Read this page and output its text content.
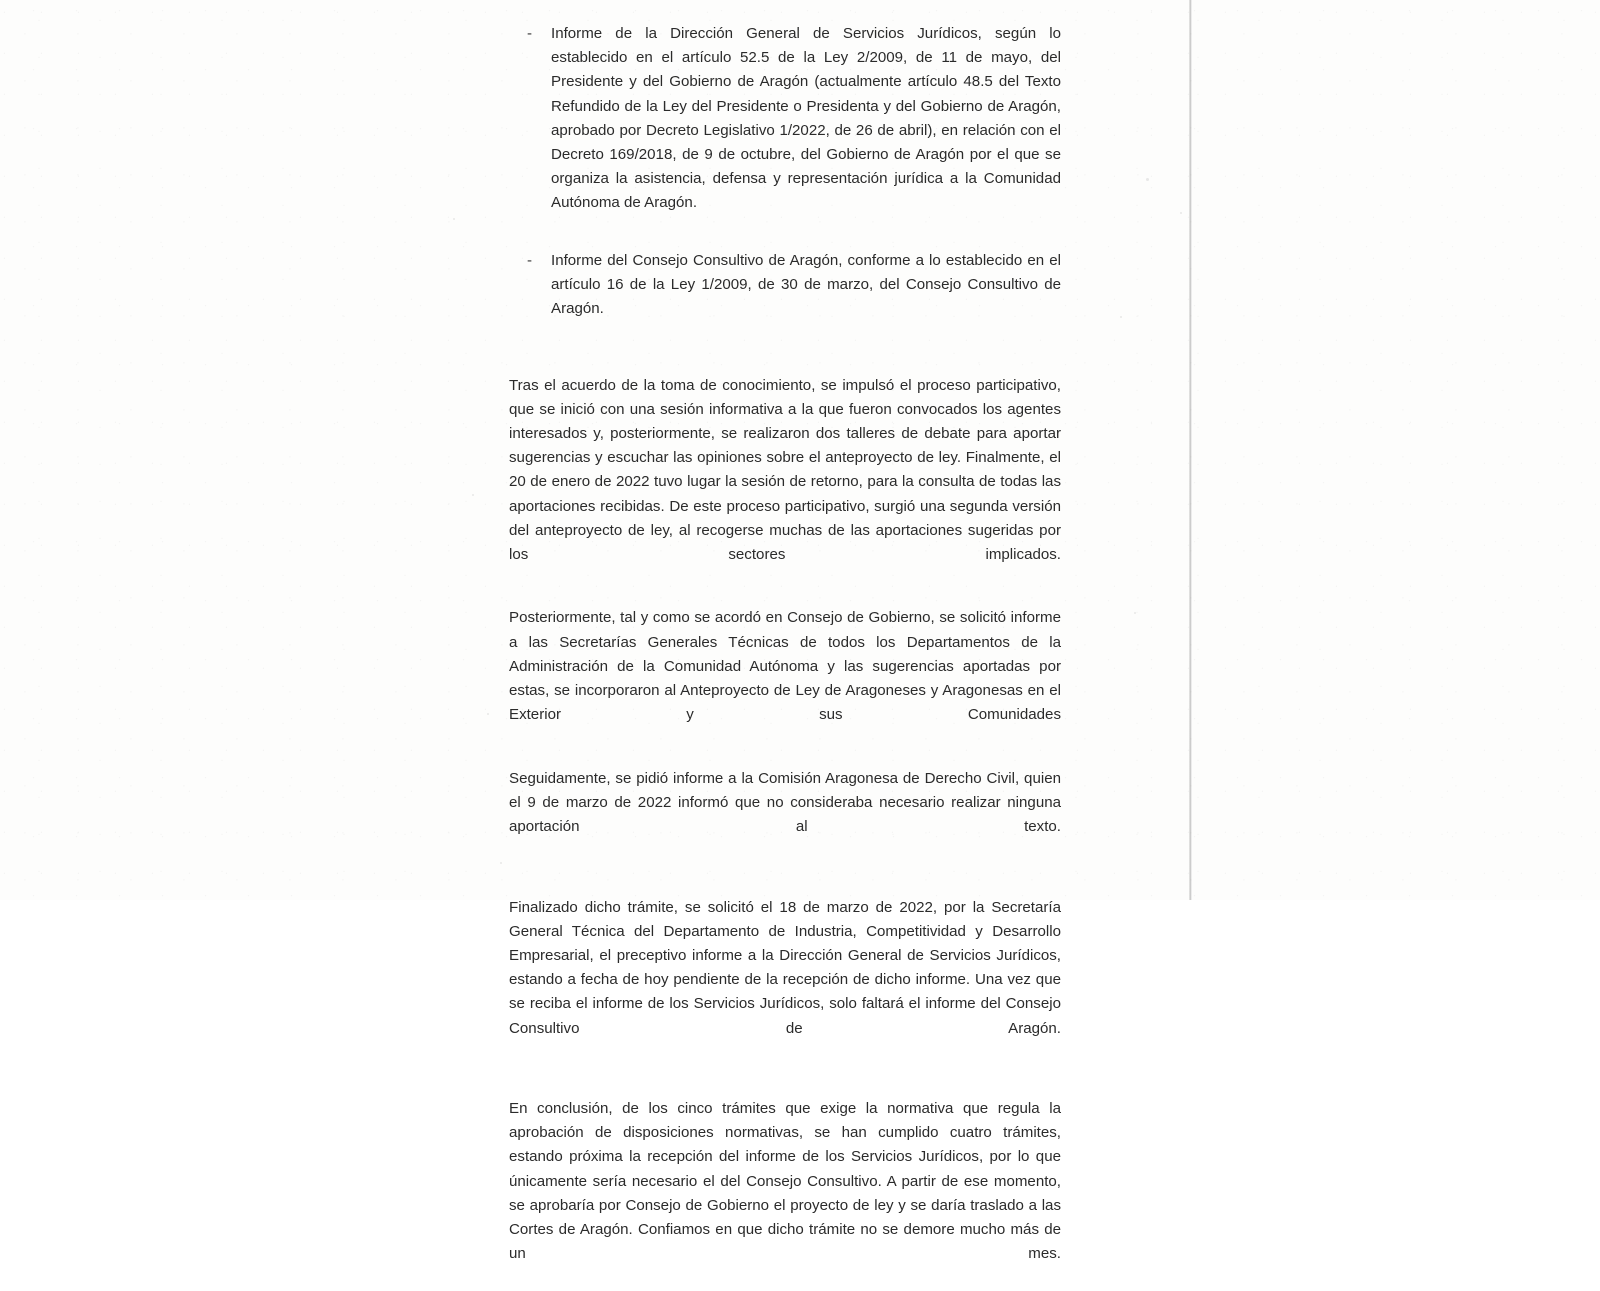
- Informe de la Dirección General de Servicios Jurídicos, según lo establecido en el artículo 52.5 de la Ley 2/2009, de 11 de mayo, del Presidente y del Gobierno de Aragón (actualmente artículo 48.5 del Texto Refundido de la Ley del Presidente o Presidenta y del Gobierno de Aragón, aprobado por Decreto Legislativo 1/2022, de 26 de abril), en relación con el Decreto 169/2018, de 9 de octubre, del Gobierno de Aragón por el que se organiza la asistencia, defensa y representación jurídica a la Comunidad Autónoma de Aragón.
- Informe del Consejo Consultivo de Aragón, conforme a lo establecido en el artículo 16 de la Ley 1/2009, de 30 de marzo, del Consejo Consultivo de Aragón.

Tras el acuerdo de la toma de conocimiento, se impulsó el proceso participativo, que se inició con una sesión informativa a la que fueron convocados los agentes interesados y, posteriormente, se realizaron dos talleres de debate para aportar sugerencias y escuchar las opiniones sobre el anteproyecto de ley. Finalmente, el 20 de enero de 2022 tuvo lugar la sesión de retorno, para la consulta de todas las aportaciones recibidas. De este proceso participativo, surgió una segunda versión del anteproyecto de ley, al recogerse muchas de las aportaciones sugeridas por los sectores implicados.

Posteriormente, tal y como se acordó en Consejo de Gobierno, se solicitó informe a las Secretarías Generales Técnicas de todos los Departamentos de la Administración de la Comunidad Autónoma y las sugerencias aportadas por estas, se incorporaron al Anteproyecto de Ley de Aragoneses y Aragonesas en el Exterior y sus Comunidades

Seguidamente, se pidió informe a la Comisión Aragonesa de Derecho Civil, quien el 9 de marzo de 2022 informó que no consideraba necesario realizar ninguna aportación al texto.

Finalizado dicho trámite, se solicitó el 18 de marzo de 2022, por la Secretaría General Técnica del Departamento de Industria, Competitividad y Desarrollo Empresarial, el preceptivo informe a la Dirección General de Servicios Jurídicos, estando a fecha de hoy pendiente de la recepción de dicho informe. Una vez que se reciba el informe de los Servicios Jurídicos, solo faltará el informe del Consejo Consultivo de Aragón.

En conclusión, de los cinco trámites que exige la normativa que regula la aprobación de disposiciones normativas, se han cumplido cuatro trámites, estando próxima la recepción del informe de los Servicios Jurídicos, por lo que únicamente sería necesario el del Consejo Consultivo. A partir de ese momento, se aprobaría por Consejo de Gobierno el proyecto de ley y se daría traslado a las Cortes de Aragón. Confiamos en que dicho trámite no se demore mucho más de un mes.
